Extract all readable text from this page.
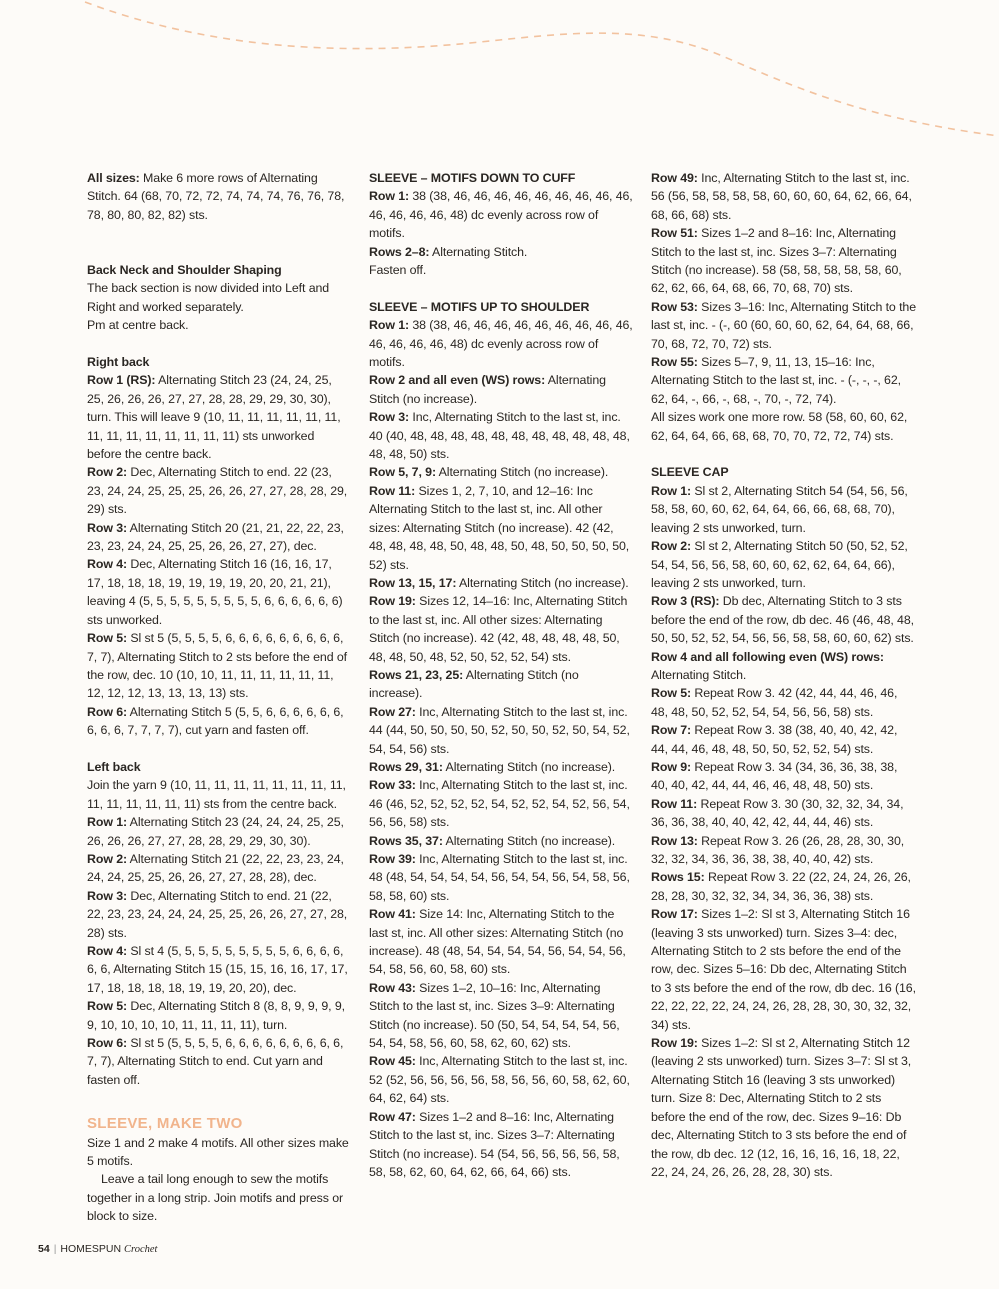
All sizes: Make 6 more rows of Alternating Stitch. 64 (68, 70, 72, 72, 74, 74, 74, 76, 76, 78, 78, 80, 80, 82, 82) sts.

Back Neck and Shoulder Shaping

The back section is now divided into Left and Right and worked separately.

Pm at centre back.

Right back

Row 1 (RS): Alternating Stitch 23 (24, 24, 25, 25, 26, 26, 26, 27, 27, 28, 28, 29, 29, 30, 30), turn. This will leave 9 (10, 11, 11, 11, 11, 11, 11, 11, 11, 11, 11, 11, 11, 11, 11) sts unworked before the centre back.

Row 2: Dec, Alternating Stitch to end. 22 (23, 23, 24, 24, 25, 25, 25, 26, 26, 27, 27, 28, 28, 29, 29) sts.

Row 3: Alternating Stitch 20 (21, 21, 22, 22, 23, 23, 23, 24, 24, 25, 25, 26, 26, 27, 27), dec.

Row 4: Dec, Alternating Stitch 16 (16, 16, 17, 17, 18, 18, 18, 19, 19, 19, 19, 20, 20, 21, 21), leaving 4 (5, 5, 5, 5, 5, 5, 5, 5, 5, 6, 6, 6, 6, 6, 6) sts unworked.

Row 5: Sl st 5 (5, 5, 5, 5, 6, 6, 6, 6, 6, 6, 6, 6, 6, 7, 7), Alternating Stitch to 2 sts before the end of the row, dec. 10 (10, 10, 11, 11, 11, 11, 11, 11, 12, 12, 12, 13, 13, 13, 13) sts.

Row 6: Alternating Stitch 5 (5, 5, 6, 6, 6, 6, 6, 6, 6, 6, 6, 7, 7, 7, 7), cut yarn and fasten off.

Left back

Join the yarn 9 (10, 11, 11, 11, 11, 11, 11, 11, 11, 11, 11, 11, 11, 11, 11) sts from the centre back.

Row 1: Alternating Stitch 23 (24, 24, 24, 25, 25, 26, 26, 26, 27, 27, 28, 28, 29, 29, 30, 30).

Row 2: Alternating Stitch 21 (22, 22, 23, 23, 24, 24, 24, 25, 25, 26, 26, 27, 27, 28, 28), dec.

Row 3: Dec, Alternating Stitch to end. 21 (22, 22, 23, 23, 24, 24, 24, 25, 25, 26, 26, 27, 27, 28, 28) sts.

Row 4: Sl st 4 (5, 5, 5, 5, 5, 5, 5, 5, 5, 6, 6, 6, 6, 6, 6, Alternating Stitch 15 (15, 15, 16, 16, 17, 17, 17, 18, 18, 18, 18, 19, 19, 20, 20), dec.

Row 5: Dec, Alternating Stitch 8 (8, 8, 9, 9, 9, 9, 9, 10, 10, 10, 10, 11, 11, 11, 11), turn.

Row 6: Sl st 5 (5, 5, 5, 5, 6, 6, 6, 6, 6, 6, 6, 6, 6, 7, 7), Alternating Stitch to end. Cut yarn and fasten off.

SLEEVE, MAKE TWO

Size 1 and 2 make 4 motifs. All other sizes make 5 motifs.

Leave a tail long enough to sew the motifs together in a long strip. Join motifs and press or block to size.

SLEEVE – MOTIFS DOWN TO CUFF

Row 1: 38 (38, 46, 46, 46, 46, 46, 46, 46, 46, 46, 46, 46, 46, 46, 48) dc evenly across row of motifs.

Rows 2–8: Alternating Stitch.

Fasten off.

SLEEVE – MOTIFS UP TO SHOULDER

Row 1: 38 (38, 46, 46, 46, 46, 46, 46, 46, 46, 46, 46, 46, 46, 46, 48) dc evenly across row of motifs.

Row 2 and all even (WS) rows: Alternating Stitch (no increase).

Row 3: Inc, Alternating Stitch to the last st, inc. 40 (40, 48, 48, 48, 48, 48, 48, 48, 48, 48, 48, 48, 48, 48, 50) sts.

Row 5, 7, 9: Alternating Stitch (no increase).

Row 11: Sizes 1, 2, 7, 10, and 12–16: Inc Alternating Stitch to the last st, inc. All other sizes: Alternating Stitch (no increase). 42 (42, 48, 48, 48, 48, 50, 48, 48, 50, 48, 50, 50, 50, 50, 52) sts.

Row 13, 15, 17: Alternating Stitch (no increase).

Row 19: Sizes 12, 14–16: Inc, Alternating Stitch to the last st, inc. All other sizes: Alternating Stitch (no increase). 42 (42, 48, 48, 48, 48, 50, 48, 48, 50, 48, 52, 50, 52, 52, 54) sts.

Rows 21, 23, 25: Alternating Stitch (no increase).

Row 27: Inc, Alternating Stitch to the last st, inc. 44 (44, 50, 50, 50, 50, 52, 50, 50, 52, 50, 54, 52, 54, 54, 56) sts.

Rows 29, 31: Alternating Stitch (no increase).

Row 33: Inc, Alternating Stitch to the last st, inc. 46 (46, 52, 52, 52, 52, 54, 52, 52, 54, 52, 56, 54, 56, 56, 58) sts.

Rows 35, 37: Alternating Stitch (no increase).

Row 39: Inc, Alternating Stitch to the last st, inc. 48 (48, 54, 54, 54, 54, 56, 54, 54, 56, 54, 58, 56, 58, 58, 60) sts.

Row 41: Size 14: Inc, Alternating Stitch to the last st, inc. All other sizes: Alternating Stitch (no increase). 48 (48, 54, 54, 54, 54, 56, 54, 54, 56, 54, 58, 56, 60, 58, 60) sts.

Row 43: Sizes 1–2, 10–16: Inc, Alternating Stitch to the last st, inc. Sizes 3–9: Alternating Stitch (no increase). 50 (50, 54, 54, 54, 54, 56, 54, 54, 58, 56, 60, 58, 62, 60, 62) sts.

Row 45: Inc, Alternating Stitch to the last st, inc. 52 (52, 56, 56, 56, 56, 58, 56, 56, 60, 58, 62, 60, 64, 62, 64) sts.

Row 47: Sizes 1–2 and 8–16: Inc, Alternating Stitch to the last st, inc. Sizes 3–7: Alternating Stitch (no increase). 54 (54, 56, 56, 56, 56, 58, 58, 58, 62, 60, 64, 62, 66, 64, 66) sts.

Row 49: Inc, Alternating Stitch to the last st, inc. 56 (56, 58, 58, 58, 58, 60, 60, 60, 64, 62, 66, 64, 68, 66, 68) sts.

Row 51: Sizes 1–2 and 8–16: Inc, Alternating Stitch to the last st, inc. Sizes 3–7: Alternating Stitch (no increase). 58 (58, 58, 58, 58, 58, 60, 62, 62, 66, 64, 68, 66, 70, 68, 70) sts.

Row 53: Sizes 3–16: Inc, Alternating Stitch to the last st, inc. - (-, 60 (60, 60, 60, 62, 64, 64, 68, 66, 70, 68, 72, 70, 72) sts.

Row 55: Sizes 5–7, 9, 11, 13, 15–16: Inc, Alternating Stitch to the last st, inc. - (-, -, -, 62, 62, 64, -, 66, -, 68, -, 70, -, 72, 74).

All sizes work one more row. 58 (58, 60, 60, 62, 62, 64, 64, 66, 68, 68, 70, 70, 72, 72, 74) sts.

SLEEVE CAP

Row 1: Sl st 2, Alternating Stitch 54 (54, 56, 56, 58, 58, 60, 60, 62, 64, 64, 66, 66, 68, 68, 70), leaving 2 sts unworked, turn.

Row 2: Sl st 2, Alternating Stitch 50 (50, 52, 52, 54, 54, 56, 56, 58, 60, 60, 62, 62, 64, 64, 66), leaving 2 sts unworked, turn.

Row 3 (RS): Db dec, Alternating Stitch to 3 sts before the end of the row, db dec. 46 (46, 48, 48, 50, 50, 52, 52, 54, 56, 56, 58, 58, 60, 60, 62) sts.

Row 4 and all following even (WS) rows: Alternating Stitch.

Row 5: Repeat Row 3. 42 (42, 44, 44, 46, 46, 48, 48, 50, 52, 52, 54, 54, 56, 56, 58) sts.

Row 7: Repeat Row 3. 38 (38, 40, 40, 42, 42, 44, 44, 46, 48, 48, 50, 50, 52, 52, 54) sts.

Row 9: Repeat Row 3. 34 (34, 36, 36, 38, 38, 40, 40, 42, 44, 44, 46, 46, 48, 48, 50) sts.

Row 11: Repeat Row 3. 30 (30, 32, 32, 34, 34, 36, 36, 38, 40, 40, 42, 42, 44, 44, 46) sts.

Row 13: Repeat Row 3. 26 (26, 28, 28, 30, 30, 32, 32, 34, 36, 36, 38, 38, 40, 40, 42) sts.

Rows 15: Repeat Row 3. 22 (22, 24, 24, 26, 26, 28, 28, 30, 32, 32, 34, 34, 36, 36, 38) sts.

Row 17: Sizes 1–2: Sl st 3, Alternating Stitch 16 (leaving 3 sts unworked) turn. Sizes 3–4: dec, Alternating Stitch to 2 sts before the end of the row, dec. Sizes 5–16: Db dec, Alternating Stitch to 3 sts before the end of the row, db dec. 16 (16, 22, 22, 22, 22, 24, 24, 26, 28, 28, 30, 30, 32, 32, 34) sts.

Row 19: Sizes 1–2: Sl st 2, Alternating Stitch 12 (leaving 2 sts unworked) turn. Sizes 3–7: Sl st 3, Alternating Stitch 16 (leaving 3 sts unworked) turn. Size 8: Dec, Alternating Stitch to 2 sts before the end of the row, dec. Sizes 9–16: Db dec, Alternating Stitch to 3 sts before the end of the row, db dec. 12 (12, 16, 16, 16, 16, 18, 22, 22, 24, 24, 26, 26, 28, 28, 30) sts.

54 | HOMESPUN Crochet
